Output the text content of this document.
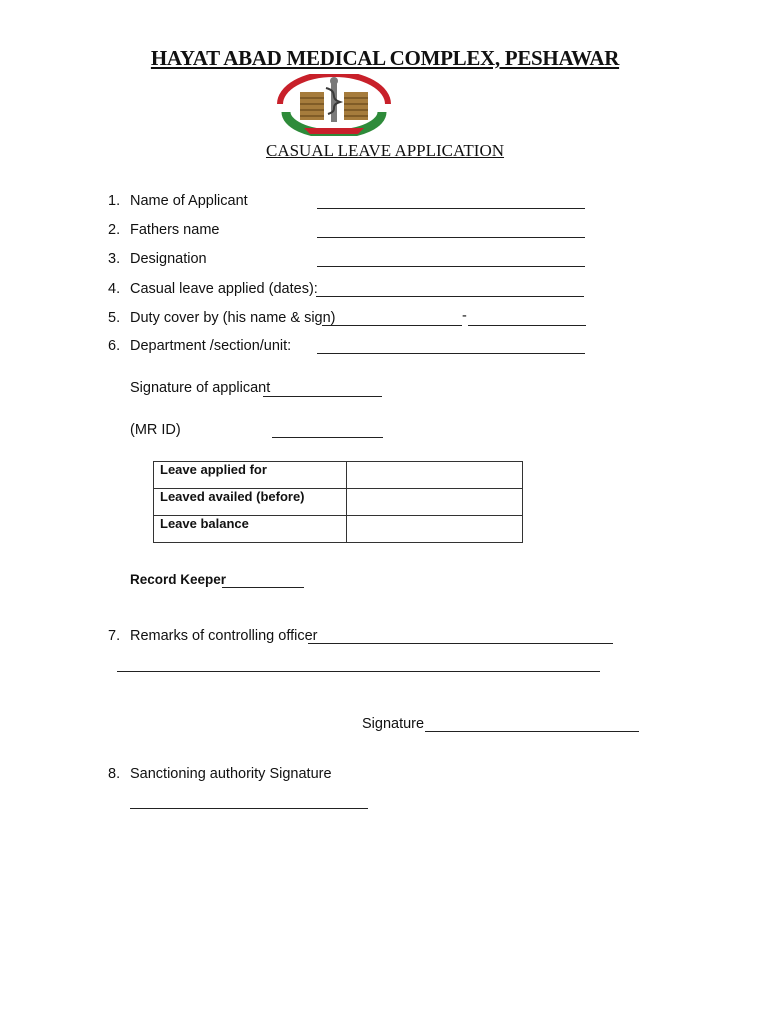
HAYAT ABAD MEDICAL COMPLEX, PESHAWAR
CASUAL LEAVE APPLICATION
1. Name of Applicant
2. Fathers name
3. Designation
4. Casual leave applied (dates):
5. Duty cover by (his name & sign)	-
6. Department /section/unit:
Signature of applicant
(MR ID)
Leave applied for	
Leaved availed (before)	
Leave balance	
Record Keeper
7. Remarks of controlling officer
Signature
8. Sanctioning authority Signature
